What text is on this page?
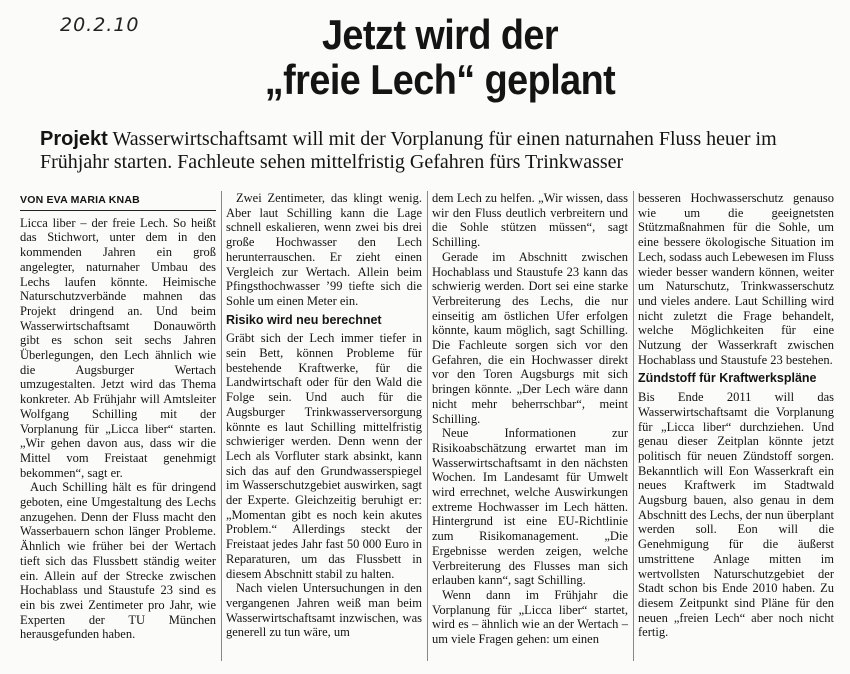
20.2.10	Jetzt wird der
„freie Lech“ geplant
Projekt Wasserwirtschaftsamt will mit der Vorplanung für einen naturnahen Fluss heuer im Frühjahr starten. Fachleute sehen mittelfristig Gefahren fürs Trinkwasser
VON EVA MARIA KNAB

Licca liber – der freie Lech. So heißt das Stichwort, unter dem in den kommenden Jahren ein groß angelegter, naturnaher Umbau des Lechs laufen könnte. Heimische Naturschutzverbände mahnen das Projekt dringend an. Und beim Wasserwirtschaftsamt Donauwörth gibt es schon seit sechs Jahren Überlegungen, den Lech ähnlich wie die Augsburger Wertach umzugestalten. Jetzt wird das Thema konkreter. Ab Frühjahr will Amtsleiter Wolfgang Schilling mit der Vorplanung für „Licca liber“ starten. „Wir gehen davon aus, dass wir die Mittel vom Freistaat genehmigt bekommen“, sagt er.

Auch Schilling hält es für dringend geboten, eine Umgestaltung des Lechs anzugehen. Denn der Fluss macht den Wasserbauern schon länger Probleme. Ähnlich wie früher bei der Wertach tieft sich das Flussbett ständig weiter ein. Allein auf der Strecke zwischen Hochablass und Staustufe 23 sind es ein bis zwei Zentimeter pro Jahr, wie Experten der TU München herausgefunden haben.

Zwei Zentimeter, das klingt wenig. Aber laut Schilling kann die Lage schnell eskalieren, wenn zwei bis drei große Hochwasser den Lech herunterrauschen. Er zieht einen Vergleich zur Wertach. Allein beim Pfingsthochwasser ’99 tiefte sich die Sohle um einen Meter ein.

Risiko wird neu berechnet

Gräbt sich der Lech immer tiefer in sein Bett, können Probleme für bestehende Kraftwerke, für die Landwirtschaft oder für den Wald die Folge sein. Und auch für die Augsburger Trinkwasserversorgung könnte es laut Schilling mittelfristig schwieriger werden. Denn wenn der Lech als Vorfluter stark absinkt, kann sich das auf den Grundwasserspiegel im Wasserschutzgebiet auswirken, sagt der Experte. Gleichzeitig beruhigt er: „Momentan gibt es noch kein akutes Problem.“ Allerdings steckt der Freistaat jedes Jahr fast 50 000 Euro in Reparaturen, um das Flussbett in diesem Abschnitt stabil zu halten.

Nach vielen Untersuchungen in den vergangenen Jahren weiß man beim Wasserwirtschaftsamt inzwischen, was generell zu tun wäre, um

dem Lech zu helfen. „Wir wissen, dass wir den Fluss deutlich verbreitern und die Sohle stützen müssen“, sagt Schilling.

Gerade im Abschnitt zwischen Hochablass und Staustufe 23 kann das schwierig werden. Dort sei eine starke Verbreiterung des Lechs, die nur einseitig am östlichen Ufer erfolgen könnte, kaum möglich, sagt Schilling. Die Fachleute sorgen sich vor den Gefahren, die ein Hochwasser direkt vor den Toren Augsburgs mit sich bringen könnte. „Der Lech wäre dann nicht mehr beherrschbar“, meint Schilling.

Neue Informationen zur Risikoabschätzung erwartet man im Wasserwirtschaftsamt in den nächsten Wochen. Im Landesamt für Umwelt wird errechnet, welche Auswirkungen extreme Hochwasser im Lech hätten. Hintergrund ist eine EU-Richtlinie zum Risikomanagement. „Die Ergebnisse werden zeigen, welche Verbreiterung des Flusses man sich erlauben kann“, sagt Schilling.

Wenn dann im Frühjahr die Vorplanung für „Licca liber“ startet, wird es – ähnlich wie an der Wertach – um viele Fragen gehen: um einen

besseren Hochwasserschutz genauso wie um die geeignetsten Stützmaßnahmen für die Sohle, um eine bessere ökologische Situation im Lech, sodass auch Lebewesen im Fluss wieder besser wandern können, weiter um Naturschutz, Trinkwasserschutz und vieles andere. Laut Schilling wird nicht zuletzt die Frage behandelt, welche Möglichkeiten für eine Nutzung der Wasserkraft zwischen Hochablass und Staustufe 23 bestehen.

Zündstoff für Kraftwerkspläne

Bis Ende 2011 will das Wasserwirtschaftsamt die Vorplanung für „Licca liber“ durchziehen. Und genau dieser Zeitplan könnte jetzt politisch für neuen Zündstoff sorgen. Bekanntlich will Eon Wasserkraft ein neues Kraftwerk im Stadtwald Augsburg bauen, also genau in dem Abschnitt des Lechs, der nun überplant werden soll. Eon will die Genehmigung für die äußerst umstrittene Anlage mitten im wertvollsten Naturschutzgebiet der Stadt schon bis Ende 2010 haben. Zu diesem Zeitpunkt sind Pläne für den neuen „freien Lech“ aber noch nicht fertig.
